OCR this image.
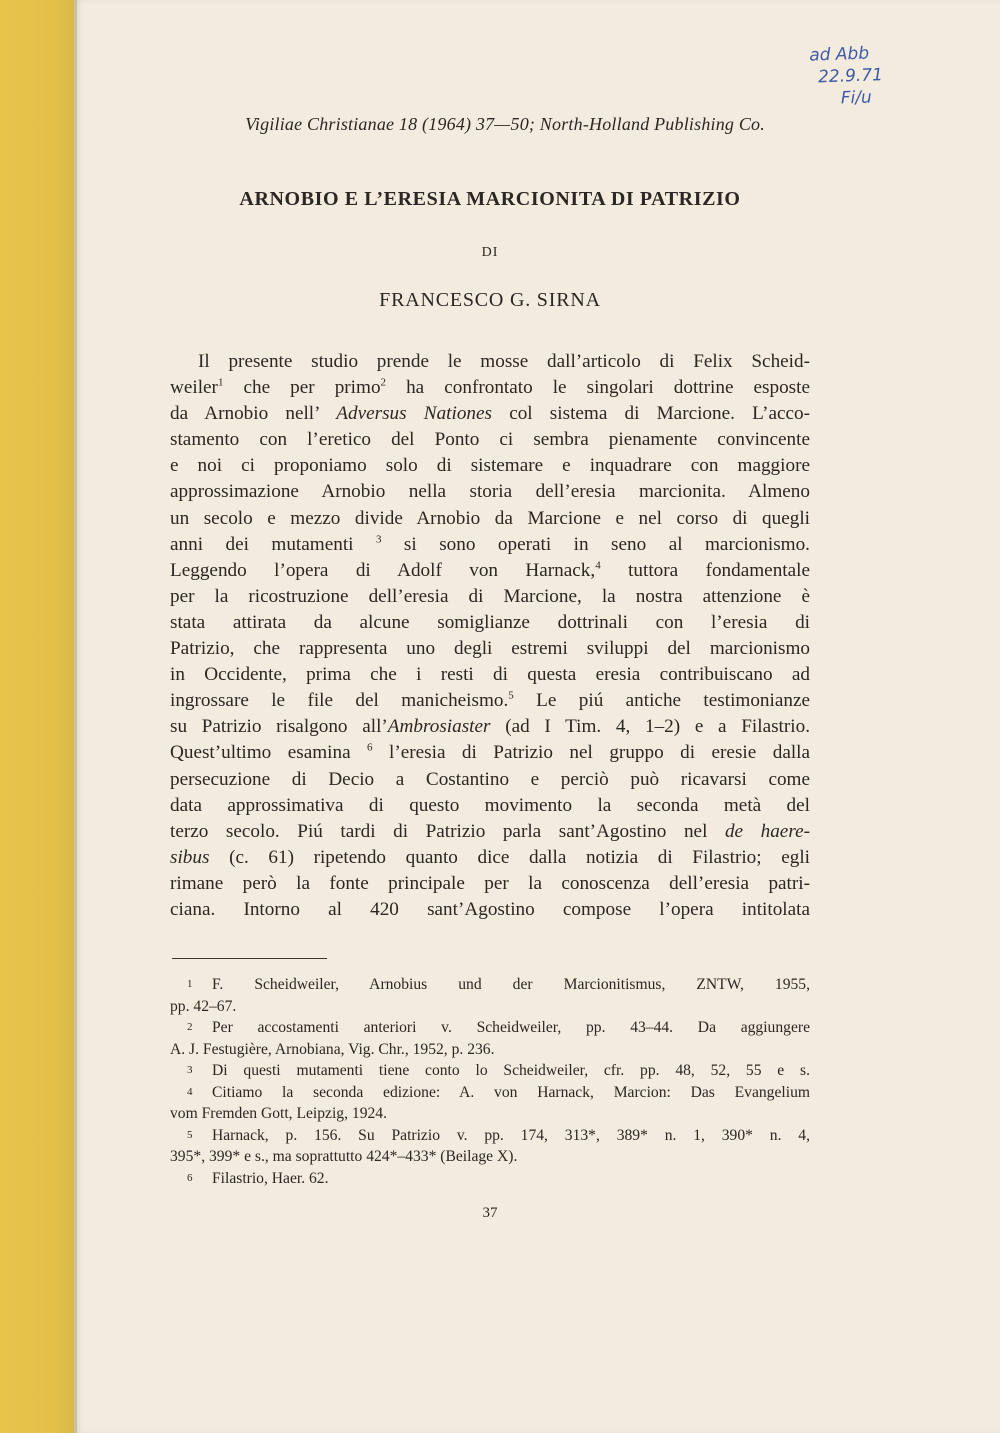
ad Abb
22.9.71
Fi/u
Vigiliae Christianae 18 (1964) 37—50; North-Holland Publishing Co.
ARNOBIO E L’ERESIA MARCIONITA DI PATRIZIO
DI
FRANCESCO G. SIRNA
Il presente studio prende le mosse dall’articolo di Felix Scheid-
weiler$^1$ che per primo$^2$ ha confrontato le singolari dottrine esposte
da Arnobio nell’ Adversus Nationes col sistema di Marcione. L’acco-
stamento con l’eretico del Ponto ci sembra pienamente convincente
e noi ci proponiamo solo di sistemare e inquadrare con maggiore
approssimazione Arnobio nella storia dell’eresia marcionita. Almeno
un secolo e mezzo divide Arnobio da Marcione e nel corso di quegli
anni dei mutamenti $^3$ si sono operati in seno al marcionismo.
Leggendo l’opera di Adolf von Harnack,$^4$ tuttora fondamentale
per la ricostruzione dell’eresia di Marcione, la nostra attenzione è
stata attirata da alcune somiglianze dottrinali con l’eresia di
Patrizio, che rappresenta uno degli estremi sviluppi del marcionismo
in Occidente, prima che i resti di questa eresia contribuiscano ad
ingrossare le file del manicheismo.$^5$ Le piú antiche testimonianze
su Patrizio risalgono all’Ambrosiaster (ad I Tim. 4, 1–2) e a Filastrio.
Quest’ultimo esamina $^6$ l’eresia di Patrizio nel gruppo di eresie dalla
persecuzione di Decio a Costantino e perciò può ricavarsi come
data approssimativa di questo movimento la seconda metà del
terzo secolo. Piú tardi di Patrizio parla sant’Agostino nel de haere-
sibus (c. 61) ripetendo quanto dice dalla notizia di Filastrio; egli
rimane però la fonte principale per la conoscenza dell’eresia patri-
ciana. Intorno al 420 sant’Agostino compose l’opera intitolata
1	F. Scheidweiler, Arnobius und der Marcionitismus, ZNTW, 1955,
pp. 42–67.
2	Per accostamenti anteriori v. Scheidweiler, pp. 43–44. Da aggiungere
A. J. Festugière, Arnobiana, Vig. Chr., 1952, p. 236.
3	Di questi mutamenti tiene conto lo Scheidweiler, cfr. pp. 48, 52, 55 e s.
4	Citiamo la seconda edizione: A. von Harnack, Marcion: Das Evangelium
vom Fremden Gott, Leipzig, 1924.
5	Harnack, p. 156. Su Patrizio v. pp. 174, 313*, 389* n. 1, 390* n. 4,
395*, 399* e s., ma soprattutto 424*–433* (Beilage X).
6	Filastrio, Haer. 62.
37
